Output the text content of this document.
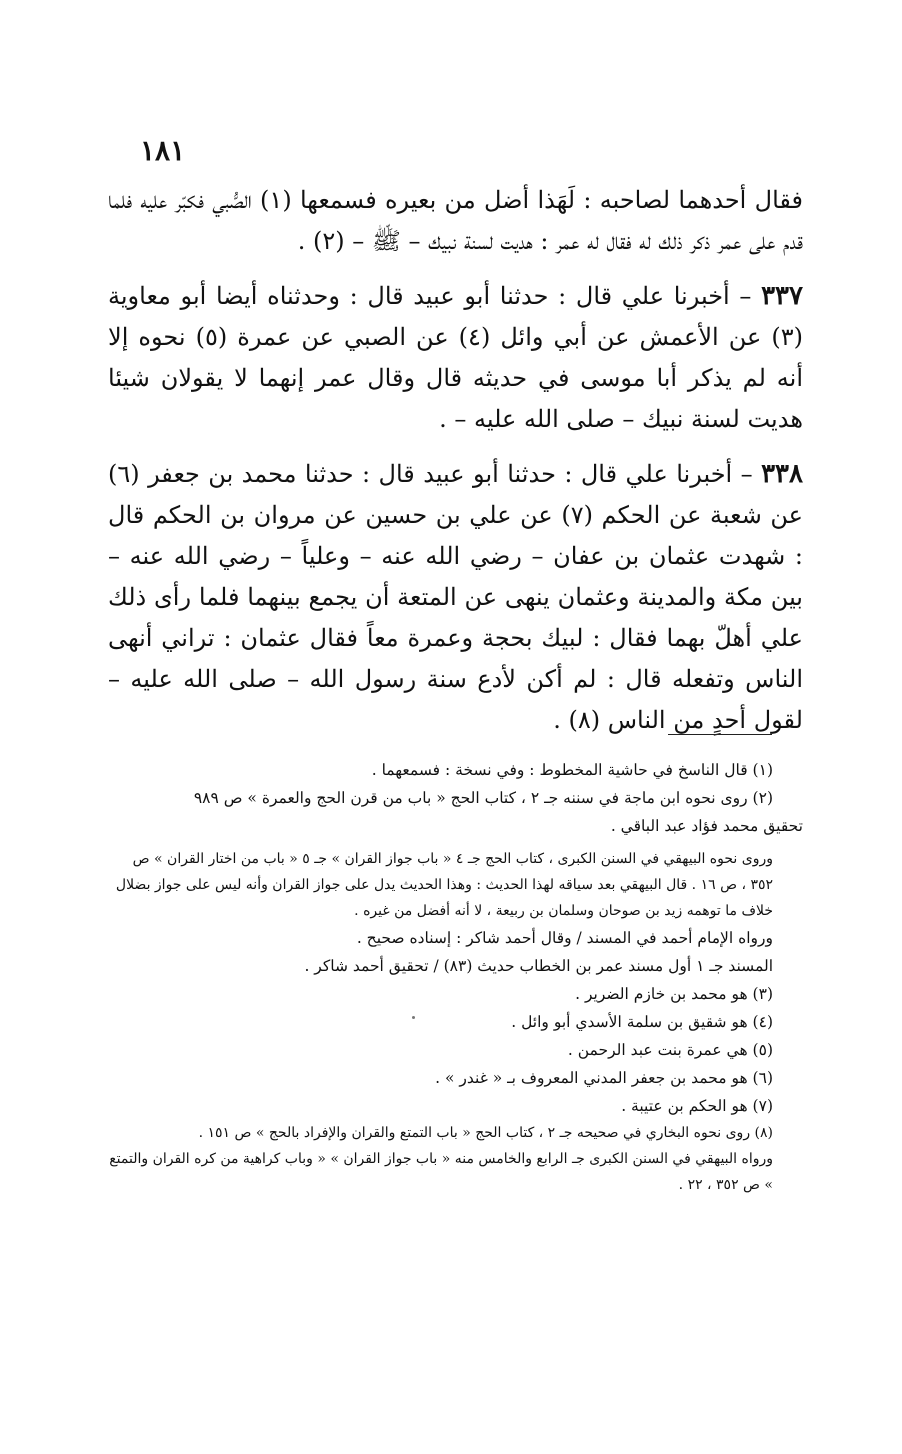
١٨١

فقال أحدهما لصاحبه : لَهَذا أضل من بعيره فسمعها (١) الصُّبي فكبّر عليه فلما قدم على عمر ذكر ذلك له فقال له عمر : هديت لسنة نبيك – ﷺ – (٢) .

٣٣٧ – أخبرنا علي قال : حدثنا أبو عبيد قال : وحدثناه أيضا أبو معاوية (٣) عن الأعمش عن أبي وائل (٤) عن الصبي عن عمرة (٥) نحوه إلا أنه لم يذكر أبا موسى في حديثه قال وقال عمر إنهما لا يقولان شيئا هديت لسنة نبيك – صلى الله عليه – .

٣٣٨ – أخبرنا علي قال : حدثنا أبو عبيد قال : حدثنا محمد بن جعفر (٦) عن شعبة عن الحكم (٧) عن علي بن حسين عن مروان بن الحكم قال : شهدت عثمان بن عفان – رضي الله عنه – وعلياً – رضي الله عنه – بين مكة والمدينة وعثمان ينهى عن المتعة أن يجمع بينهما فلما رأى ذلك علي أهلّ بهما فقال : لبيك بحجة وعمرة معاً فقال عثمان : تراني أنهى الناس وتفعله قال : لم أكن لأدع سنة رسول الله – صلى الله عليه – لقول أحدٍ من الناس (٨) .

(١) قال الناسخ في حاشية المخطوط : وفي نسخة : فسمعهما .

(٢) روى نحوه ابن ماجة في سننه جـ ٢ ، كتاب الحج « باب من قرن الحج والعمرة » ص ٩٨٩

تحقيق محمد فؤاد عبد الباقي .

وروى نحوه البيهقي في السنن الكبرى ، كتاب الحج جـ ٤ « باب جواز القران » جـ ٥ « باب من اختار القران » ص ٣٥٢ ، ص ١٦ . قال البيهقي بعد سياقه لهذا الحديث : وهذا الحديث يدل على جواز القران وأنه ليس على جواز بضلال خلاف ما توهمه زيد بن صوحان وسلمان بن ربيعة ، لا أنه أفضل من غيره .

ورواه الإمام أحمد في المسند / وقال أحمد شاكر : إسناده صحيح .

المسند جـ ١ أول مسند عمر بن الخطاب حديث (٨٣) / تحقيق أحمد شاكر .

(٣) هو محمد بن خازم الضرير .

(٤) هو شقيق بن سلمة الأسدي أبو وائل .

(٥) هي عمرة بنت عبد الرحمن .

(٦) هو محمد بن جعفر المدني المعروف بـ « غندر » .

(٧) هو الحكم بن عتيبة .

(٨) روى نحوه البخاري في صحيحه جـ ٢ ، كتاب الحج « باب التمتع والقران والإفراد بالحج » ص ١٥١ .

ورواه البيهقي في السنن الكبرى جـ الرابع والخامس منه « باب جواز القران » « وباب كراهية من كره القران والتمتع » ص ٣٥٢ ، ٢٢ .
